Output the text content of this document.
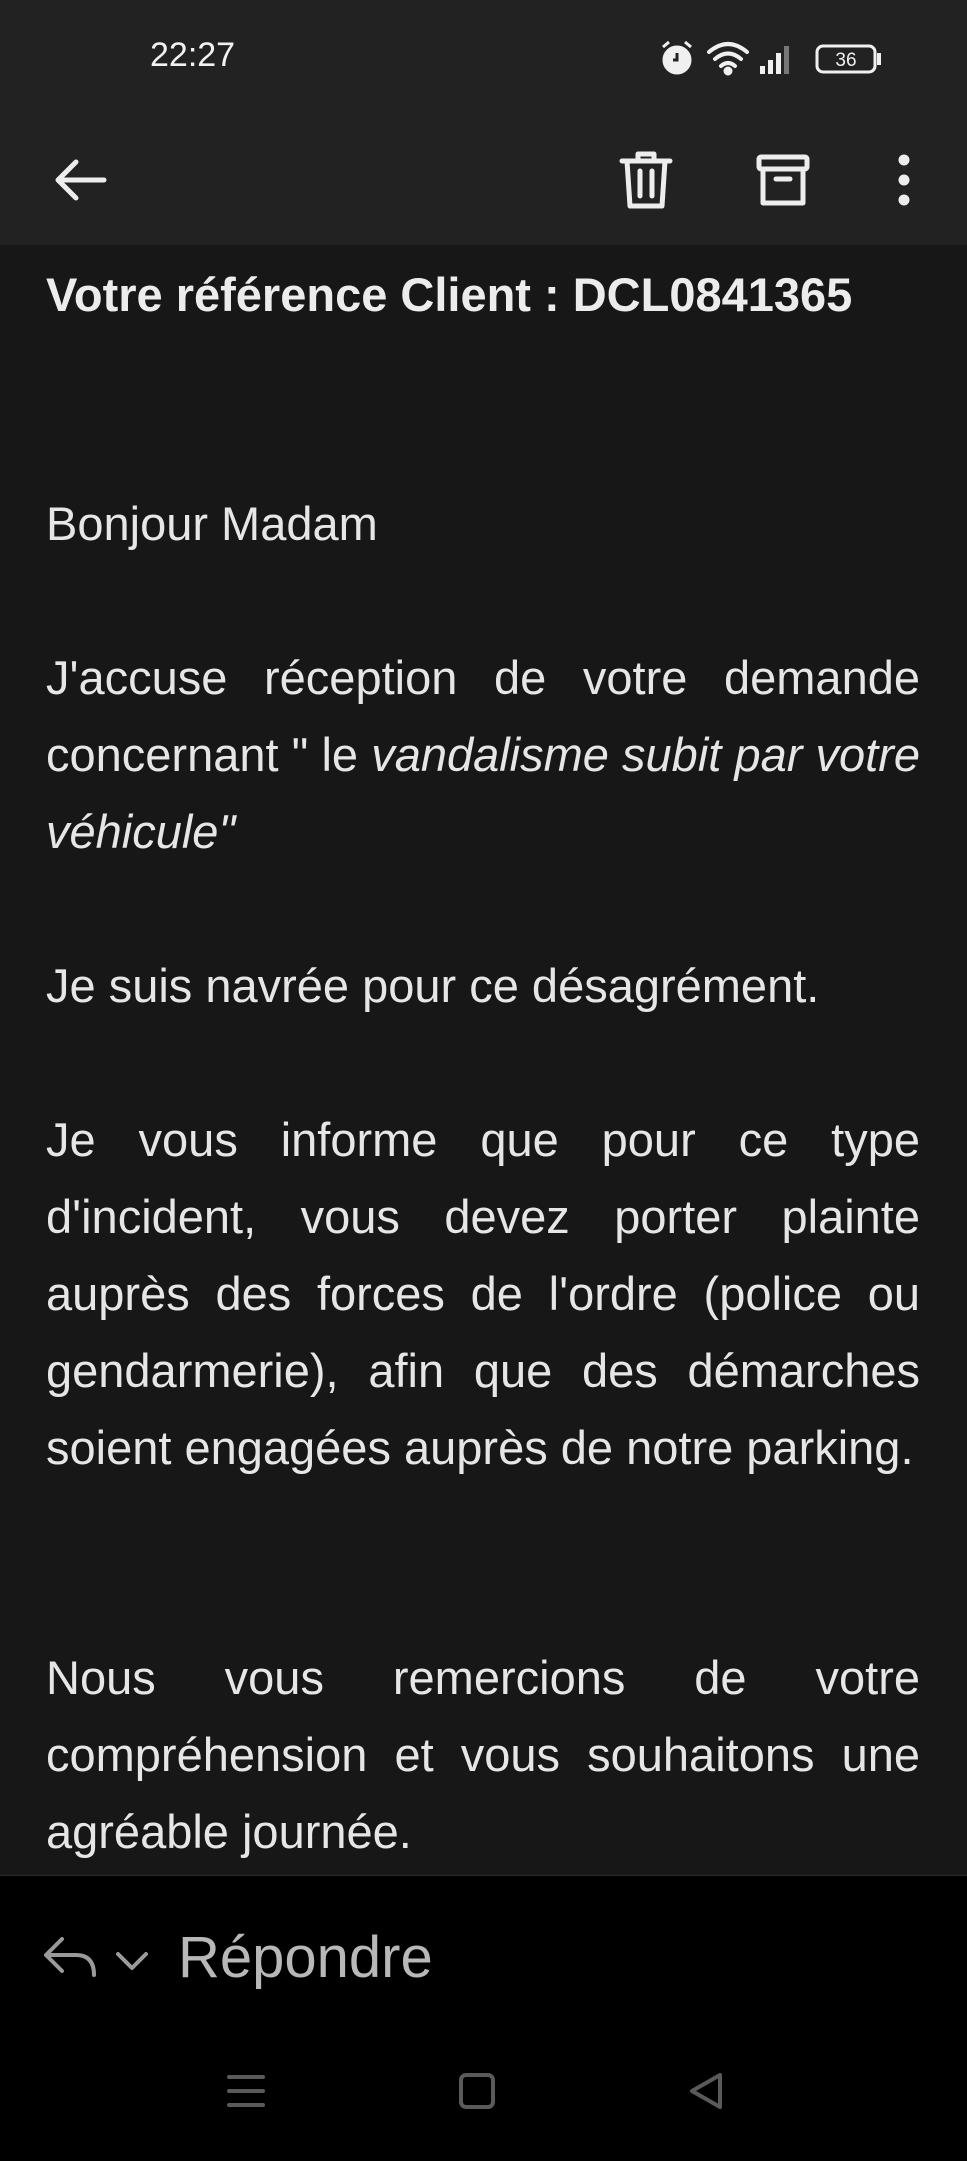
22:27	36
Votre référence Client : DCL0841365
Bonjour Madam
J'accuse réception de votre demande concernant " le vandalisme subit par votre véhicule"
Je suis navrée pour ce désagrément.
Je vous informe que pour ce type d'incident, vous devez porter plainte auprès des forces de l'ordre (police ou gendarmerie), afin que des démarches soient engagées auprès de notre parking.
Nous vous remercions de votre compréhension et vous souhaitons une agréable journée.
Répondre
